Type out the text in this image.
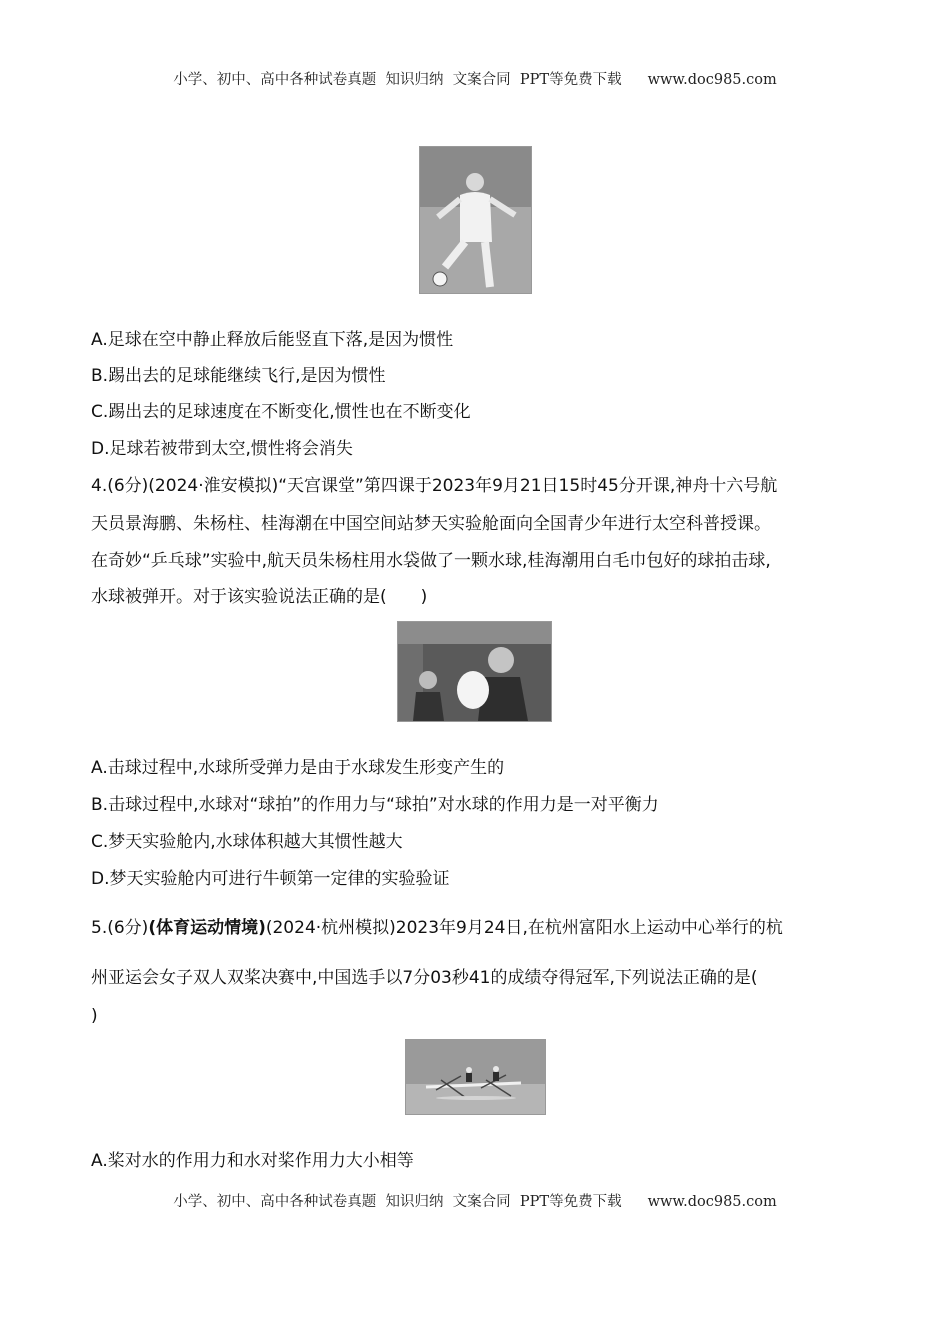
小学、初中、高中各种试卷真题  知识归纳  文案合同  PPT等免费下载 www.doc985.com
A.足球在空中静止释放后能竖直下落,是因为惯性
B.踢出去的足球能继续飞行,是因为惯性
C.踢出去的足球速度在不断变化,惯性也在不断变化
D.足球若被带到太空,惯性将会消失
4.(6分)(2024·淮安模拟)“天宫课堂”第四课于2023年9月21日15时45分开课,神舟十六号航
天员景海鹏、朱杨柱、桂海潮在中国空间站梦天实验舱面向全国青少年进行太空科普授课。
在奇妙“乒乓球”实验中,航天员朱杨柱用水袋做了一颗水球,桂海潮用白毛巾包好的球拍击球,
水球被弹开。对于该实验说法正确的是(　　)
A.击球过程中,水球所受弹力是由于水球发生形变产生的
B.击球过程中,水球对“球拍”的作用力与“球拍”对水球的作用力是一对平衡力
C.梦天实验舱内,水球体积越大其惯性越大
D.梦天实验舱内可进行牛顿第一定律的实验验证
5.(6分)(体育运动情境)(2024·杭州模拟)2023年9月24日,在杭州富阳水上运动中心举行的杭
州亚运会女子双人双桨决赛中,中国选手以7分03秒41的成绩夺得冠军,下列说法正确的是(
)
A.桨对水的作用力和水对桨作用力大小相等
小学、初中、高中各种试卷真题  知识归纳  文案合同  PPT等免费下载 www.doc985.com
